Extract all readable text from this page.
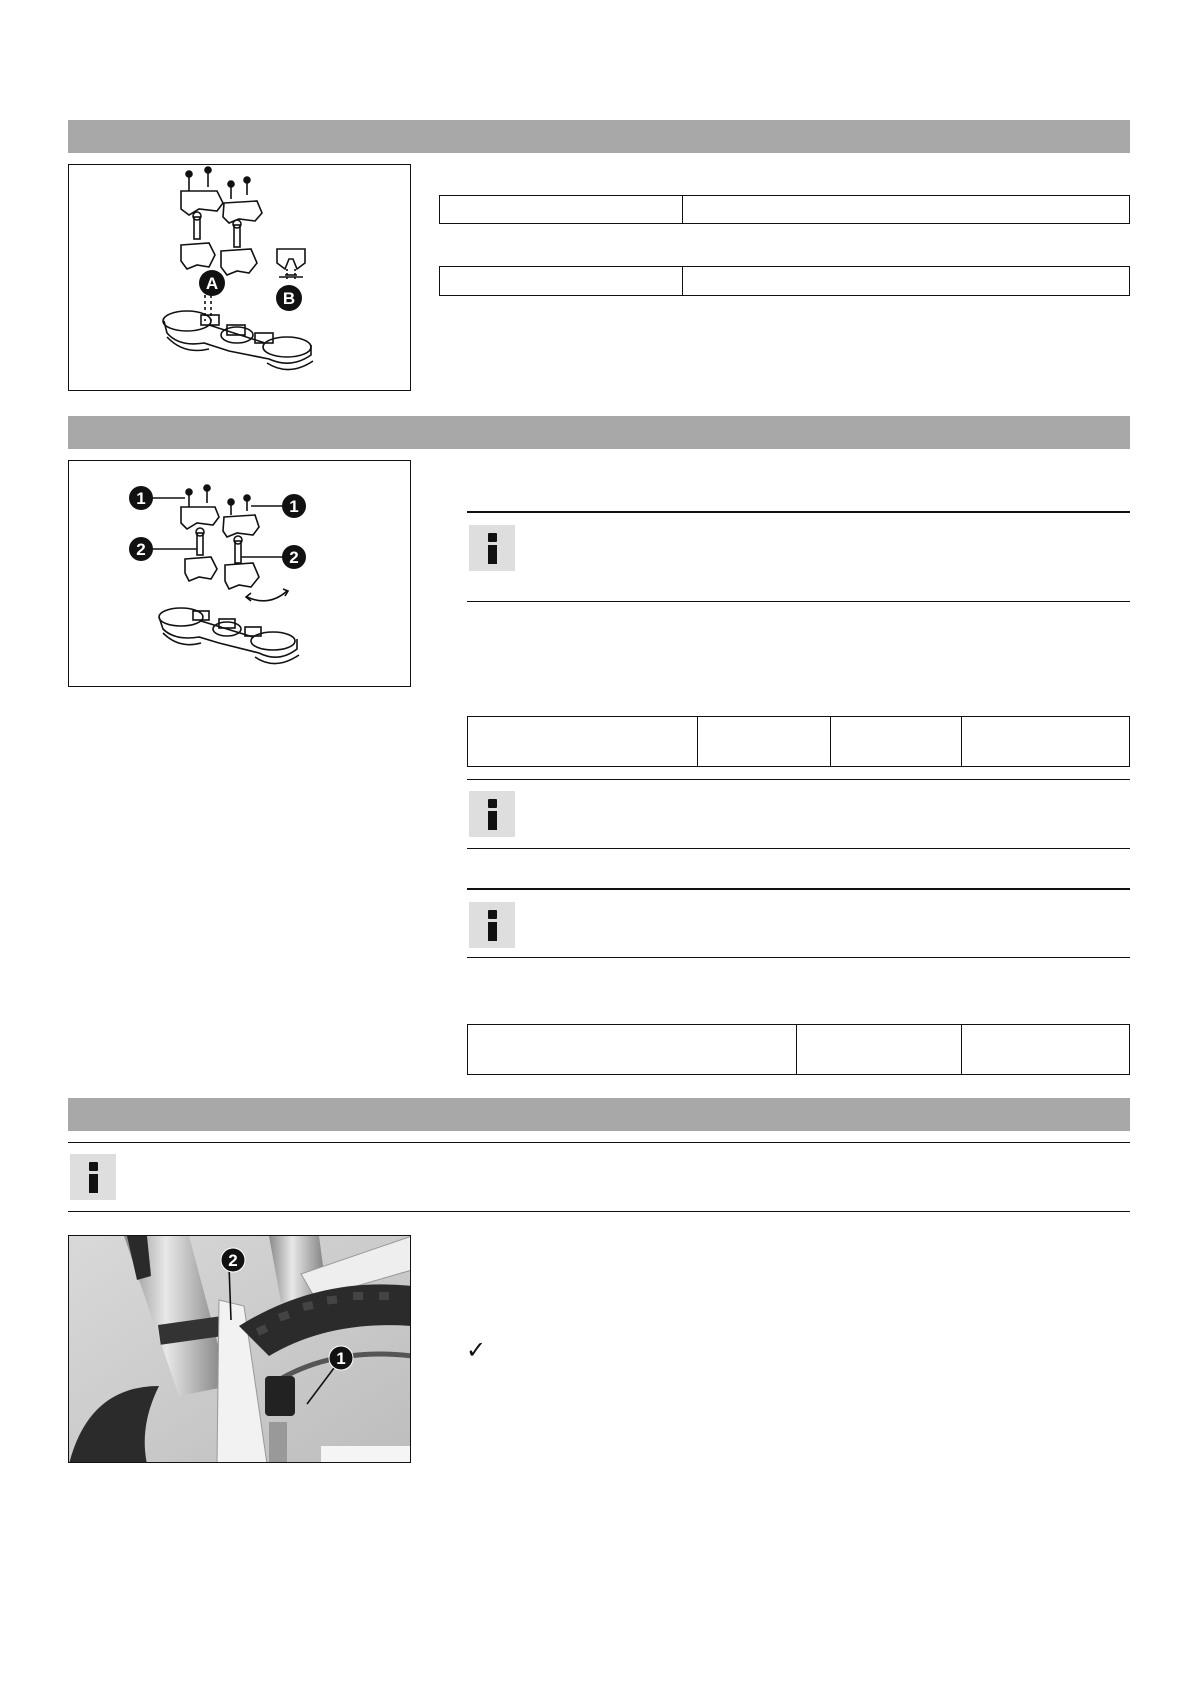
A
B
1	1
2	2
2
1	✓
